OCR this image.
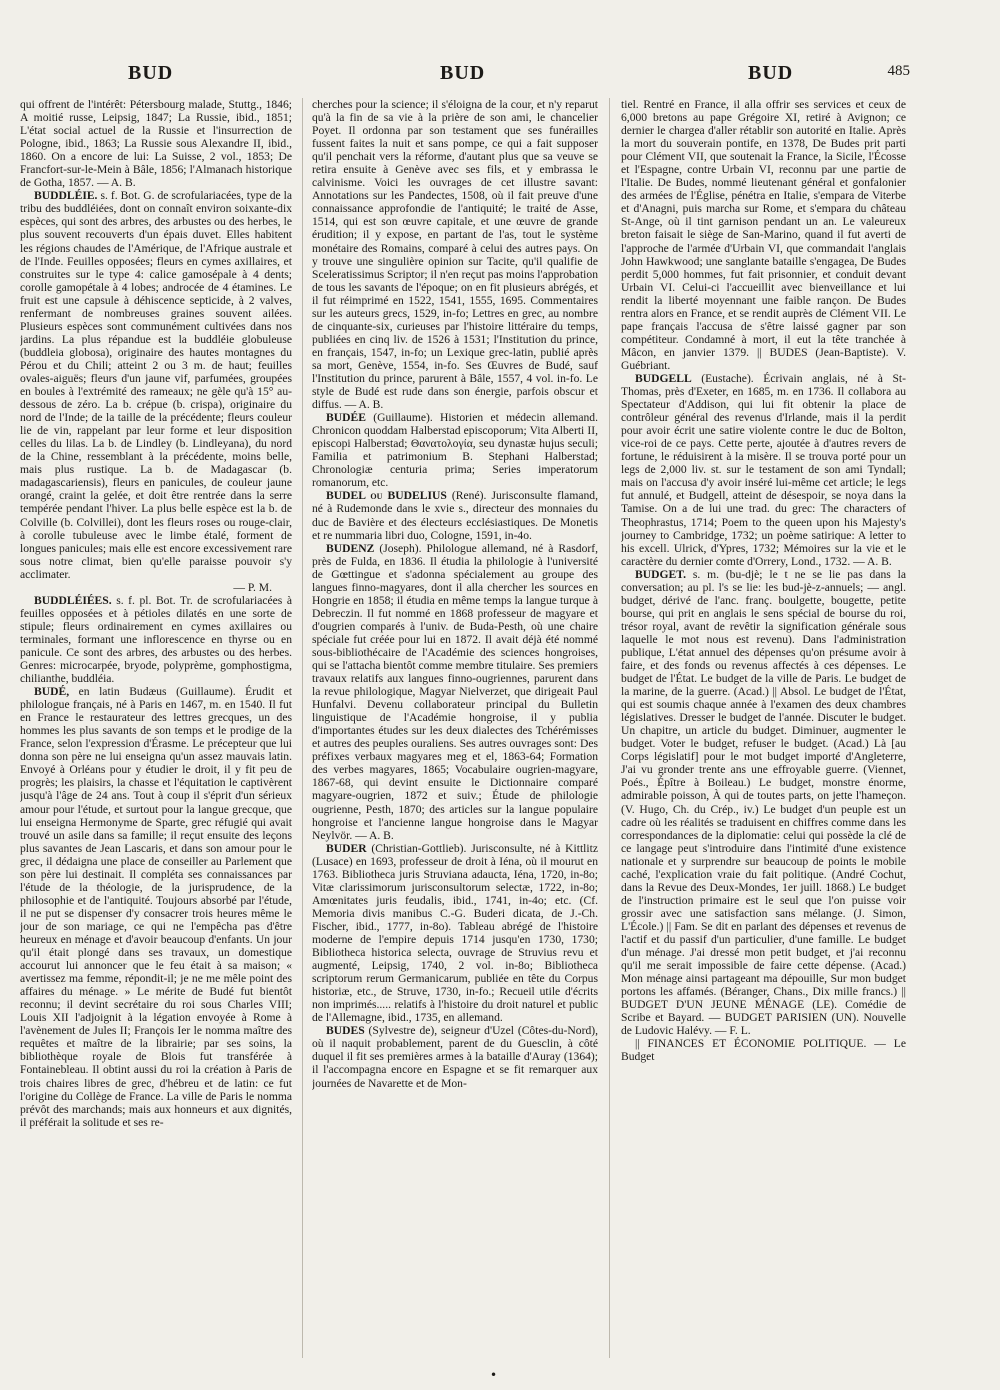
BUD	BUD	BUD	485

qui offrent de l'intérêt: Pétersbourg malade, Stuttg., 1846; A moitié russe, Leipsig, 1847; La Russie, ibid., 1851; L'état social actuel de la Russie et l'insurrection de Pologne, ibid., 1863; La Russie sous Alexandre II, ibid., 1860. On a encore de lui: La Suisse, 2 vol., 1853; De Francfort-sur-le-Mein à Bâle, 1856; l'Almanach historique de Gotha, 1857. — A. B.

BUDDLÉIE. s. f. Bot. G. de scrofulariacées, type de la tribu des buddléiées, dont on connaît environ soixante-dix espèces, qui sont des arbres, des arbustes ou des herbes, le plus souvent recouverts d'un épais duvet. Elles habitent les régions chaudes de l'Amérique, de l'Afrique australe et de l'Inde. Feuilles opposées; fleurs en cymes axillaires, et construites sur le type 4: calice gamosépale à 4 dents; corolle gamopétale à 4 lobes; androcée de 4 étamines. Le fruit est une capsule à déhiscence septicide, à 2 valves, renfermant de nombreuses graines souvent ailées. Plusieurs espèces sont communément cultivées dans nos jardins. La plus répandue est la buddléie globuleuse (buddleia globosa), originaire des hautes montagnes du Pérou et du Chili; atteint 2 ou 3 m. de haut; feuilles ovales-aiguës; fleurs d'un jaune vif, parfumées, groupées en boules à l'extrémité des rameaux; ne gèle qu'à 15° au-dessous de zéro. La b. crépue (b. crispa), originaire du nord de l'Inde; de la taille de la précédente; fleurs couleur lie de vin, rappelant par leur forme et leur disposition celles du lilas. La b. de Lindley (b. Lindleyana), du nord de la Chine, ressemblant à la précédente, moins belle, mais plus rustique. La b. de Madagascar (b. madagascariensis), fleurs en panicules, de couleur jaune orangé, craint la gelée, et doit être rentrée dans la serre tempérée pendant l'hiver. La plus belle espèce est la b. de Colville (b. Colvillei), dont les fleurs roses ou rouge-clair, à corolle tubuleuse avec le limbe étalé, forment de longues panicules; mais elle est encore excessivement rare sous notre climat, bien qu'elle paraisse pouvoir s'y acclimater.

— P. M.

BUDDLÉIÉES. s. f. pl. Bot. Tr. de scrofulariacées à feuilles opposées et à pétioles dilatés en une sorte de stipule; fleurs ordinairement en cymes axillaires ou terminales, formant une inflorescence en thyrse ou en panicule. Ce sont des arbres, des arbustes ou des herbes. Genres: microcarpée, bryode, polyprème, gomphostigma, chilianthe, buddléia.

BUDÉ, en latin Budæus (Guillaume). Érudit et philologue français, né à Paris en 1467, m. en 1540. Il fut en France le restaurateur des lettres grecques, un des hommes les plus savants de son temps et le prodige de la France, selon l'expression d'Érasme. Le précepteur que lui donna son père ne lui enseigna qu'un assez mauvais latin. Envoyé à Orléans pour y étudier le droit, il y fit peu de progrès; les plaisirs, la chasse et l'équitation le captivèrent jusqu'à l'âge de 24 ans. Tout à coup il s'éprit d'un sérieux amour pour l'étude, et surtout pour la langue grecque, que lui enseigna Hermonyme de Sparte, grec réfugié qui avait trouvé un asile dans sa famille; il reçut ensuite des leçons plus savantes de Jean Lascaris, et dans son amour pour le grec, il dédaigna une place de conseiller au Parlement que son père lui destinait. Il compléta ses connaissances par l'étude de la théologie, de la jurisprudence, de la philosophie et de l'antiquité. Toujours absorbé par l'étude, il ne put se dispenser d'y consacrer trois heures même le jour de son mariage, ce qui ne l'empêcha pas d'être heureux en ménage et d'avoir beaucoup d'enfants. Un jour qu'il était plongé dans ses travaux, un domestique accourut lui annoncer que le feu était à sa maison; « avertissez ma femme, répondit-il; je ne me mêle point des affaires du ménage. » Le mérite de Budé fut bientôt reconnu; il devint secrétaire du roi sous Charles VIII; Louis XII l'adjoignit à la légation envoyée à Rome à l'avènement de Jules II; François Ier le nomma maître des requêtes et maître de la librairie; par ses soins, la bibliothèque royale de Blois fut transférée à Fontainebleau. Il obtint aussi du roi la création à Paris de trois chaires libres de grec, d'hébreu et de latin: ce fut l'origine du Collège de France. La ville de Paris le nomma prévôt des marchands; mais aux honneurs et aux dignités, il préférait la solitude et ses re-

cherches pour la science; il s'éloigna de la cour, et n'y reparut qu'à la fin de sa vie à la prière de son ami, le chancelier Poyet. Il ordonna par son testament que ses funérailles fussent faites la nuit et sans pompe, ce qui a fait supposer qu'il penchait vers la réforme, d'autant plus que sa veuve se retira ensuite à Genève avec ses fils, et y embrassa le calvinisme. Voici les ouvrages de cet illustre savant: Annotations sur les Pandectes, 1508, où il fait preuve d'une connaissance approfondie de l'antiquité; le traité de Asse, 1514, qui est son œuvre capitale, et une œuvre de grande érudition; il y expose, en partant de l'as, tout le système monétaire des Romains, comparé à celui des autres pays. On y trouve une singulière opinion sur Tacite, qu'il qualifie de Sceleratissimus Scriptor; il n'en reçut pas moins l'approbation de tous les savants de l'époque; on en fit plusieurs abrégés, et il fut réimprimé en 1522, 1541, 1555, 1695. Commentaires sur les auteurs grecs, 1529, in-fo; Lettres en grec, au nombre de cinquante-six, curieuses par l'histoire littéraire du temps, publiées en cinq liv. de 1526 à 1531; l'Institution du prince, en français, 1547, in-fo; un Lexique grec-latin, publié après sa mort, Genève, 1554, in-fo. Ses Œuvres de Budé, sauf l'Institution du prince, parurent à Bâle, 1557, 4 vol. in-fo. Le style de Budé est rude dans son énergie, parfois obscur et diffus. — A. B.

BUDÉE (Guillaume). Historien et médecin allemand. Chronicon quoddam Halberstad episcoporum; Vita Alberti II, episcopi Halberstad; Θανατολογία, seu dynastæ hujus seculi; Familia et patrimonium B. Stephani Halberstad; Chronologiæ centuria prima; Series imperatorum romanorum, etc.

BUDEL ou BUDELIUS (René). Jurisconsulte flamand, né à Rudemonde dans le xvie s., directeur des monnaies du duc de Bavière et des électeurs ecclésiastiques. De Monetis et re nummaria libri duo, Cologne, 1591, in-4o.

BUDENZ (Joseph). Philologue allemand, né à Rasdorf, près de Fulda, en 1836. Il étudia la philologie à l'université de Gœttingue et s'adonna spécialement au groupe des langues finno-magyares, dont il alla chercher les sources en Hongrie en 1858; il étudia en même temps la langue turque à Debreczin. Il fut nommé en 1868 professeur de magyare et d'ougrien comparés à l'univ. de Buda-Pesth, où une chaire spéciale fut créée pour lui en 1872. Il avait déjà été nommé sous-bibliothécaire de l'Académie des sciences hongroises, qui se l'attacha bientôt comme membre titulaire. Ses premiers travaux relatifs aux langues finno-ougriennes, parurent dans la revue philologique, Magyar Nielverzet, que dirigeait Paul Hunfalvi. Devenu collaborateur principal du Bulletin linguistique de l'Académie hongroise, il y publia d'importantes études sur les deux dialectes des Tchérémisses et autres des peuples ouraliens. Ses autres ouvrages sont: Des préfixes verbaux magyares meg et el, 1863-64; Formation des verbes magyares, 1865; Vocabulaire ougrien-magyare, 1867-68, qui devint ensuite le Dictionnaire comparé magyare-ougrien, 1872 et suiv.; Étude de philologie ougrienne, Pesth, 1870; des articles sur la langue populaire hongroise et l'ancienne langue hongroise dans le Magyar Neylvör. — A. B.

BUDER (Christian-Gottlieb). Jurisconsulte, né à Kittlitz (Lusace) en 1693, professeur de droit à Iéna, où il mourut en 1763. Bibliotheca juris Struviana adaucta, Iéna, 1720, in-8o; Vitæ clarissimorum jurisconsultorum selectæ, 1722, in-8o; Amœnitates juris feudalis, ibid., 1741, in-4o; etc. (Cf. Memoria divis manibus C.-G. Buderi dicata, de J.-Ch. Fischer, ibid., 1777, in-8o). Tableau abrégé de l'histoire moderne de l'empire depuis 1714 jusqu'en 1730, 1730; Bibliotheca historica selecta, ouvrage de Struvius revu et augmenté, Leipsig, 1740, 2 vol. in-8o; Bibliotheca scriptorum rerum Germanicarum, publiée en tête du Corpus historiæ, etc., de Struve, 1730, in-fo.; Recueil utile d'écrits non imprimés..... relatifs à l'histoire du droit naturel et public de l'Allemagne, ibid., 1735, en allemand.

BUDES (Sylvestre de), seigneur d'Uzel (Côtes-du-Nord), où il naquit probablement, parent de du Guesclin, à côté duquel il fit ses premières armes à la bataille d'Auray (1364); il l'accompagna encore en Espagne et se fit remarquer aux journées de Navarette et de Mon-

tiel. Rentré en France, il alla offrir ses services et ceux de 6,000 bretons au pape Grégoire XI, retiré à Avignon; ce dernier le chargea d'aller rétablir son autorité en Italie. Après la mort du souverain pontife, en 1378, De Budes prit parti pour Clément VII, que soutenait la France, la Sicile, l'Écosse et l'Espagne, contre Urbain VI, reconnu par une partie de l'Italie. De Budes, nommé lieutenant général et gonfalonier des armées de l'Église, pénétra en Italie, s'empara de Viterbe et d'Anagni, puis marcha sur Rome, et s'empara du château St-Ange, où il tint garnison pendant un an. Le valeureux breton faisait le siège de San-Marino, quand il fut averti de l'approche de l'armée d'Urbain VI, que commandait l'anglais John Hawkwood; une sanglante bataille s'engagea, De Budes perdit 5,000 hommes, fut fait prisonnier, et conduit devant Urbain VI. Celui-ci l'accueillit avec bienveillance et lui rendit la liberté moyennant une faible rançon. De Budes rentra alors en France, et se rendit auprès de Clément VII. Le pape français l'accusa de s'être laissé gagner par son compétiteur. Condamné à mort, il eut la tête tranchée à Mâcon, en janvier 1379. || BUDES (Jean-Baptiste). V. Guébriant.

BUDGELL (Eustache). Écrivain anglais, né à St-Thomas, près d'Exeter, en 1685, m. en 1736. Il collabora au Spectateur d'Addison, qui lui fit obtenir la place de contrôleur général des revenus d'Irlande, mais il la perdit pour avoir écrit une satire violente contre le duc de Bolton, vice-roi de ce pays. Cette perte, ajoutée à d'autres revers de fortune, le réduisirent à la misère. Il se trouva porté pour un legs de 2,000 liv. st. sur le testament de son ami Tyndall; mais on l'accusa d'y avoir inséré lui-même cet article; le legs fut annulé, et Budgell, atteint de désespoir, se noya dans la Tamise. On a de lui une trad. du grec: The characters of Theophrastus, 1714; Poem to the queen upon his Majesty's journey to Cambridge, 1732; un poème satirique: A letter to his excell. Ulrick, d'Ypres, 1732; Mémoires sur la vie et le caractère du dernier comte d'Orrery, Lond., 1732. — A. B.

BUDGET. s. m. (bu-djè; le t ne se lie pas dans la conversation; au pl. l's se lie: les bud-jè-z-annuels; — angl. budget, dérivé de l'anc. franç. boulgette, bougette, petite bourse, qui prit en anglais le sens spécial de bourse du roi, trésor royal, avant de revêtir la signification générale sous laquelle le mot nous est revenu). Dans l'administration publique, L'état annuel des dépenses qu'on présume avoir à faire, et des fonds ou revenus affectés à ces dépenses. Le budget de l'État. Le budget de la ville de Paris. Le budget de la marine, de la guerre. (Acad.) || Absol. Le budget de l'État, qui est soumis chaque année à l'examen des deux chambres législatives. Dresser le budget de l'année. Discuter le budget. Un chapitre, un article du budget. Diminuer, augmenter le budget. Voter le budget, refuser le budget. (Acad.) Là [au Corps législatif] pour le mot budget importé d'Angleterre, J'ai vu gronder trente ans une effroyable guerre. (Viennet, Poés., Épître à Boileau.) Le budget, monstre énorme, admirable poisson, À qui de toutes parts, on jette l'hameçon. (V. Hugo, Ch. du Crép., iv.) Le budget d'un peuple est un cadre où les réalités se traduisent en chiffres comme dans les correspondances de la diplomatie: celui qui possède la clé de ce langage peut s'introduire dans l'intimité d'une existence nationale et y surprendre sur beaucoup de points le mobile caché, l'explication vraie du fait politique. (André Cochut, dans la Revue des Deux-Mondes, 1er juill. 1868.) Le budget de l'instruction primaire est le seul que l'on puisse voir grossir avec une satisfaction sans mélange. (J. Simon, L'École.) || Fam. Se dit en parlant des dépenses et revenus de l'actif et du passif d'un particulier, d'une famille. Le budget d'un ménage. J'ai dressé mon petit budget, et j'ai reconnu qu'il me serait impossible de faire cette dépense. (Acad.) Mon ménage ainsi partageant ma dépouille, Sur mon budget portons les affamés. (Béranger, Chans., Dix mille francs.) || BUDGET D'UN JEUNE MÉNAGE (LE). Comédie de Scribe et Bayard. — BUDGET PARISIEN (UN). Nouvelle de Ludovic Halévy. — F. L.

|| FINANCES ET ÉCONOMIE POLITIQUE. — Le Budget

•
